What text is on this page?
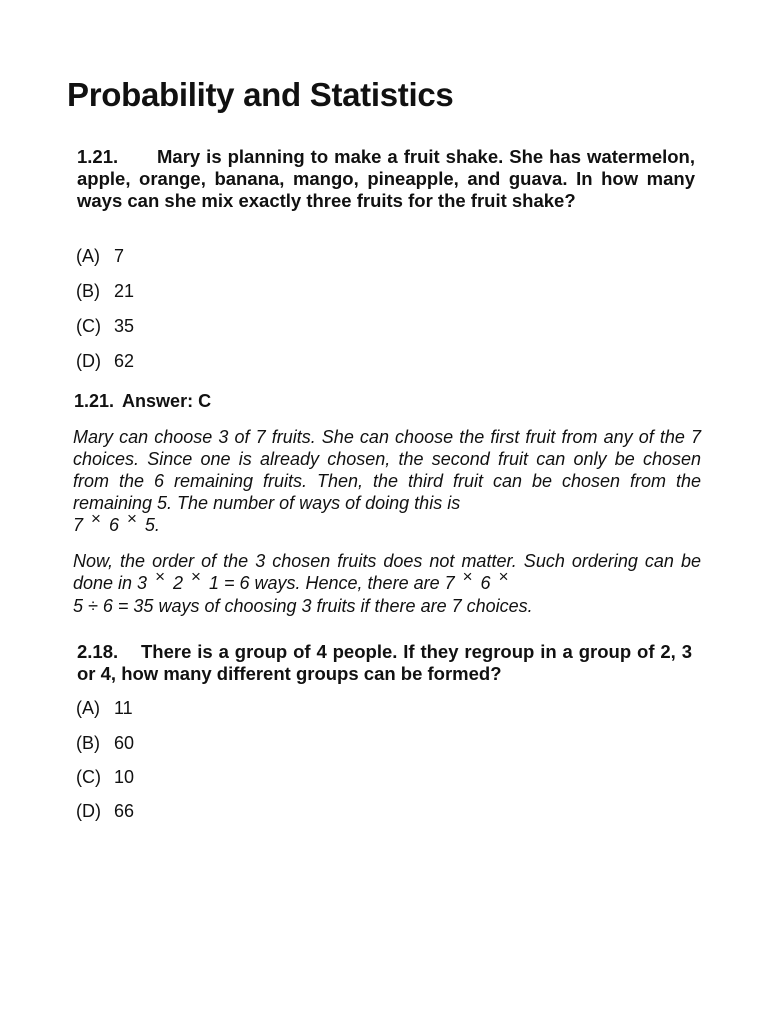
Probability and Statistics

1.21. Mary is planning to make a fruit shake. She has watermelon, apple, orange, banana, mango, pineapple, and guava. In how many ways can she mix exactly three fruits for the fruit shake?

(A) 7

(B) 21

(C) 35

(D) 62

1.21. Answer: C

Mary can choose 3 of 7 fruits. She can choose the first fruit from any of the 7 choices. Since one is already chosen, the second fruit can only be chosen from the 6 remaining fruits. Then, the third fruit can be chosen from the remaining 5. The number of ways of doing this is
7 × 6 × 5.

Now, the order of the 3 chosen fruits does not matter. Such ordering can be done in 3 × 2 × 1 = 6 ways. Hence, there are 7 × 6 ×
5 ÷ 6 = 35 ways of choosing 3 fruits if there are 7 choices.

2.18. There is a group of 4 people. If they regroup in a group of 2, 3 or 4, how many different groups can be formed?

(A) 11

(B) 60

(C) 10

(D) 66
